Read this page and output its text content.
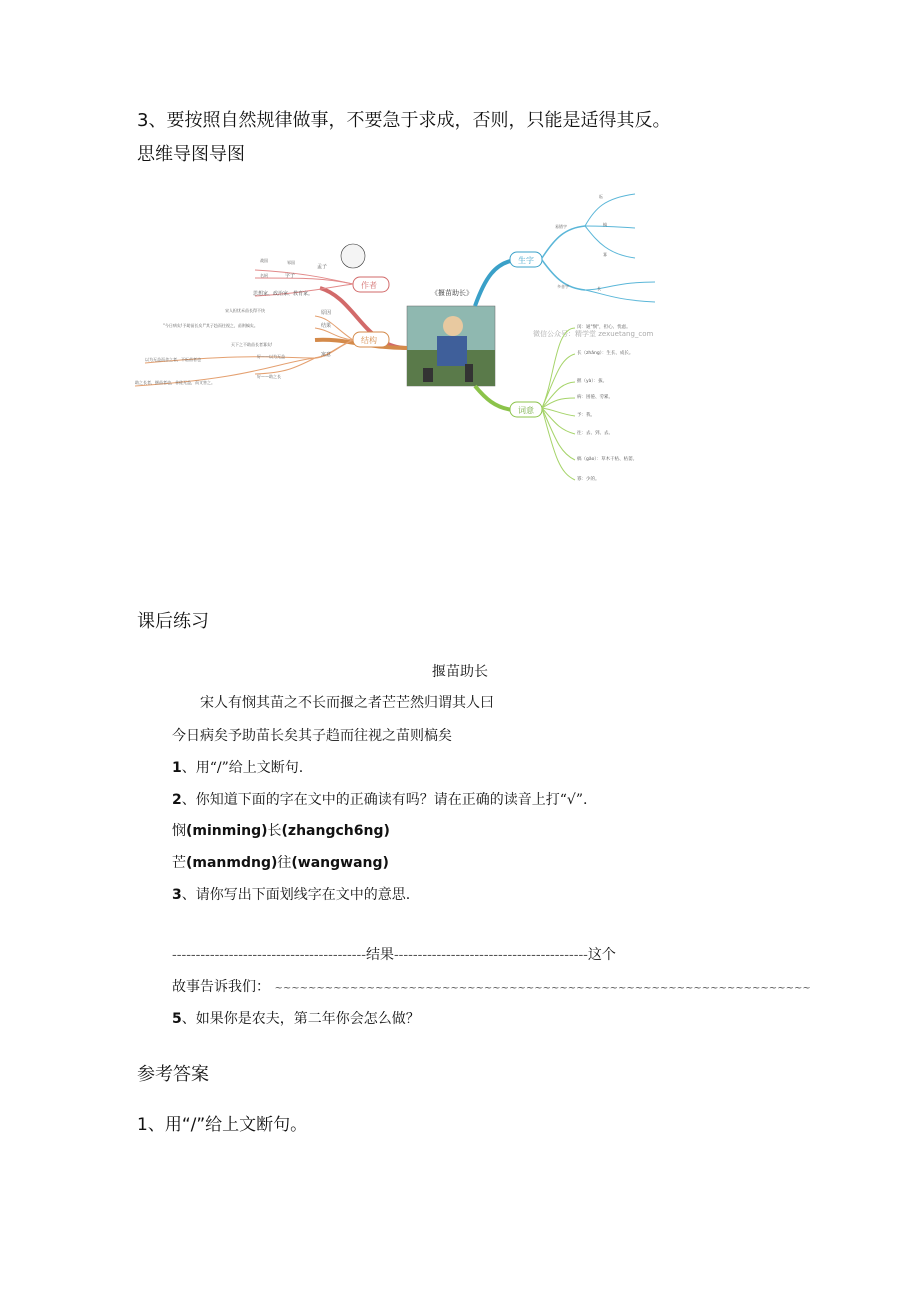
3、要按照自然规律做事，不要急于求成，否则，只能是适得其反。
思维导图导图
《揠苗助长》
作者
孟子
字子
思想家、政治家、教育家。
战国
名轲
邹国
结构
原因
结果
寓意
宋人担忧禾苗长得不快
"今日病矣!予助苗长矣!"其子趋而往视之，苗则槁矣。
天下之不助苗长者寡矣!
以为无益而舍之者，不耘苗者也
助之长者，揠苗者也，非徒无益，而又害之。
好——以为无益
好——助之长
生字
易错字
多音字
耘
槁
寡
长
微信公众号：精学堂 zexuetang_com
词意
闵：通"悯"，担心、忧虑。
长（zhǎng）：生长、成长。
揠（yà）：拔。
病：困倦、劳累。
予：我。
往：去、到、去。
槁（gǎo）：草木干枯、枯萎。
寡：少的。
课后练习
揠苗助长
宋人有悯其苗之不长而揠之者芒芒然归谓其人曰
今日病矣予助苗长矣其子趋而往视之苗则槁矣
1、用“/”给上文断句.
2、你知道下面的字在文中的正确读有吗？请在正确的读音上打“√”.
悯(minming)长(zhangch6ng)
芒(manmdng)往(wangwang)
3、请你写出下面划线字在文中的意思.
-----------------------------------------结果-----------------------------------------这个
故事告诉我们： ~~~~~~~~~~~~~~~~~~~~~~~~~~~~~~~~~~~~~~~~~~~~~~~~~~~~~~~~~~~~~~~~
5、如果你是农夫，第二年你会怎么做？
参考答案
1、用“/”给上文断句。
